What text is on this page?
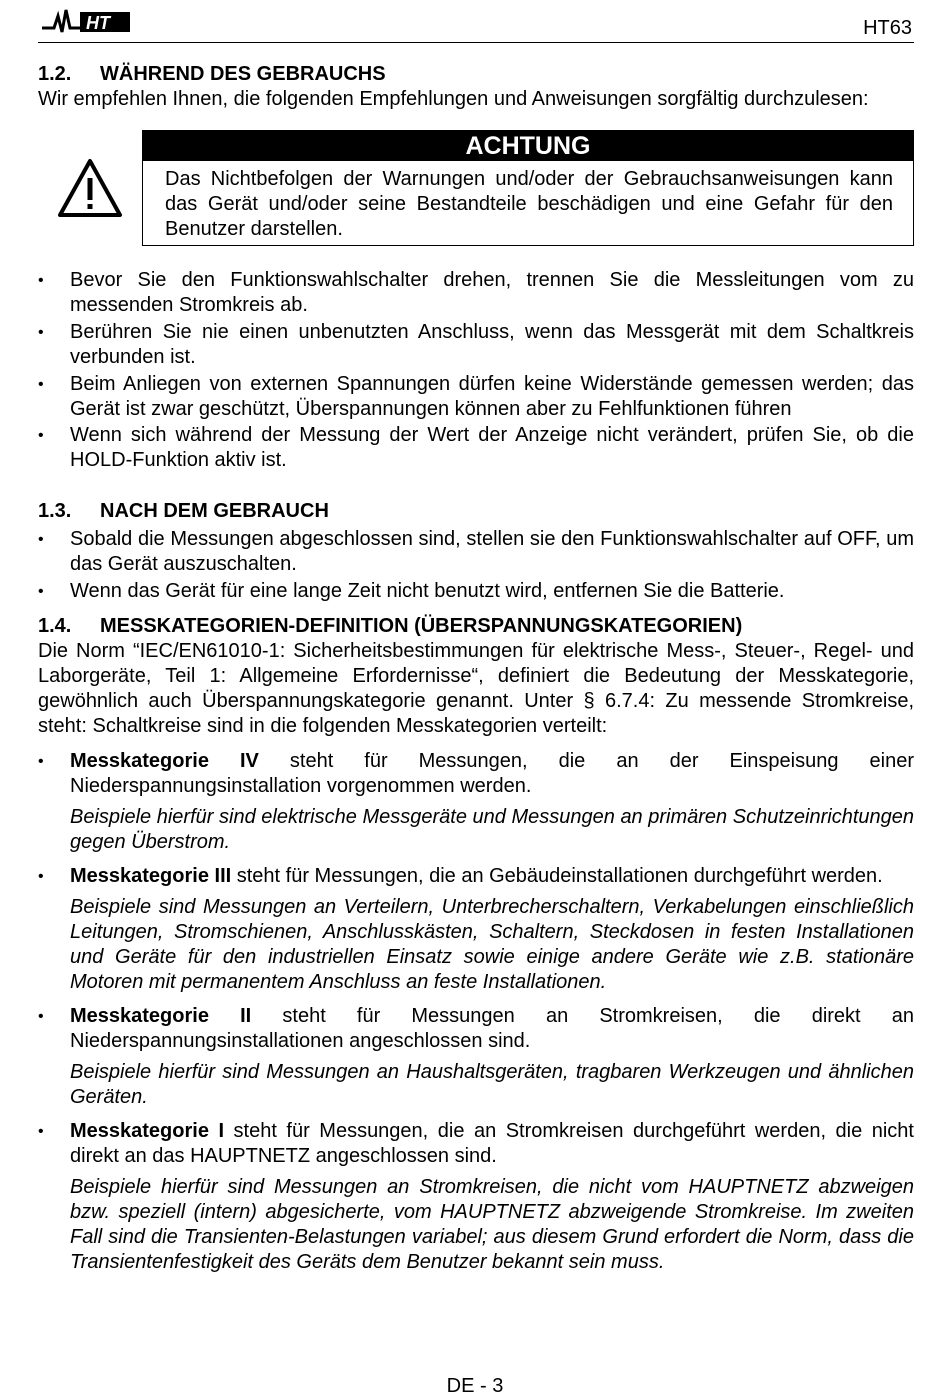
HT	HT63
1.2.	WÄHREND DES GEBRAUCHS

Wir empfehlen Ihnen, die folgenden Empfehlungen und Anweisungen sorgfältig durchzulesen:

ACHTUNG
Das Nichtbefolgen der Warnungen und/oder der Gebrauchsanweisungen kann das Gerät und/oder seine Bestandteile beschädigen und eine Gefahr für den Benutzer darstellen.
• Bevor Sie den Funktionswahlschalter drehen, trennen Sie die Messleitungen vom zu messenden Stromkreis ab.
• Berühren Sie nie einen unbenutzten Anschluss, wenn das Messgerät mit dem Schaltkreis verbunden ist.
• Beim Anliegen von externen Spannungen dürfen keine Widerstände gemessen werden; das Gerät ist zwar geschützt, Überspannungen können aber zu Fehlfunktionen führen
• Wenn sich während der Messung der Wert der Anzeige nicht verändert, prüfen Sie, ob die HOLD-Funktion aktiv ist.
1.3.	NACH DEM GEBRAUCH
• Sobald die Messungen abgeschlossen sind, stellen sie den Funktionswahlschalter auf OFF, um das Gerät auszuschalten.
• Wenn das Gerät für eine lange Zeit nicht benutzt wird, entfernen Sie die Batterie.
1.4.	MESSKATEGORIEN-DEFINITION (ÜBERSPANNUNGSKATEGORIEN)

Die Norm “IEC/EN61010-1: Sicherheitsbestimmungen für elektrische Mess-, Steuer-, Regel- und Laborgeräte, Teil 1: Allgemeine Erfordernisse“, definiert die Bedeutung der Messkategorie, gewöhnlich auch Überspannungskategorie genannt. Unter § 6.7.4: Zu messende Stromkreise, steht: Schaltkreise sind in die folgenden Messkategorien verteilt:

• Messkategorie IV steht für Messungen, die an der Einspeisung einer Niederspannungsinstallation vorgenommen werden.
Beispiele hierfür sind elektrische Messgeräte und Messungen an primären Schutzeinrichtungen gegen Überstrom.
• Messkategorie III steht für Messungen, die an Gebäudeinstallationen durchgeführt werden.
Beispiele sind Messungen an Verteilern, Unterbrecherschaltern, Verkabelungen einschließlich Leitungen, Stromschienen, Anschlusskästen, Schaltern, Steckdosen in festen Installationen und Geräte für den industriellen Einsatz sowie einige andere Geräte wie z.B. stationäre Motoren mit permanentem Anschluss an feste Installationen.
• Messkategorie II steht für Messungen an Stromkreisen, die direkt an Niederspannungsinstallationen angeschlossen sind.
Beispiele hierfür sind Messungen an Haushaltsgeräten, tragbaren Werkzeugen und ähnlichen Geräten.
• Messkategorie I steht für Messungen, die an Stromkreisen durchgeführt werden, die nicht direkt an das HAUPTNETZ angeschlossen sind.
Beispiele hierfür sind Messungen an Stromkreisen, die nicht vom HAUPTNETZ abzweigen bzw. speziell (intern) abgesicherte, vom HAUPTNETZ abzweigende Stromkreise. Im zweiten Fall sind die Transienten-Belastungen variabel; aus diesem Grund erfordert die Norm, dass die Transientenfestigkeit des Geräts dem Benutzer bekannt sein muss.
DE - 3
